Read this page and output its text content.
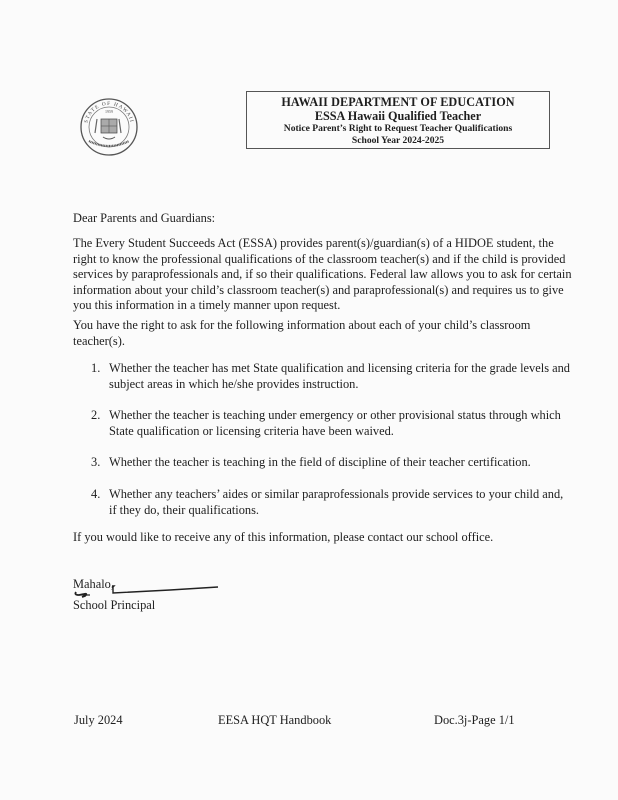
STATE OF HAWAII
1959
HAWAII DEPARTMENT OF EDUCATION
ESSA Hawaii Qualified Teacher
Notice Parent’s Right to Request Teacher Qualifications
School Year 2024-2025
Dear Parents and Guardians:
The Every Student Succeeds Act (ESSA) provides parent(s)/guardian(s) of a HIDOE student, the right to know the professional qualifications of the classroom teacher(s) and if the child is provided services by paraprofessionals and, if so their qualifications. Federal law allows you to ask for certain information about your child’s classroom teacher(s) and paraprofessional(s) and requires us to give you this information in a timely manner upon request.
You have the right to ask for the following information about each of your child’s classroom teacher(s).
1. Whether the teacher has met State qualification and licensing criteria for the grade levels and subject areas in which he/she provides instruction.
2. Whether the teacher is teaching under emergency or other provisional status through which State qualification or licensing criteria have been waived.
3. Whether the teacher is teaching in the field of discipline of their teacher certification.
4. Whether any teachers’ aides or similar paraprofessionals provide services to your child and, if they do, their qualifications.
If you would like to receive any of this information, please contact our school office.
Mahalo,
School Principal
July 2024	EESA HQT Handbook	Doc.3j-Page 1/1
